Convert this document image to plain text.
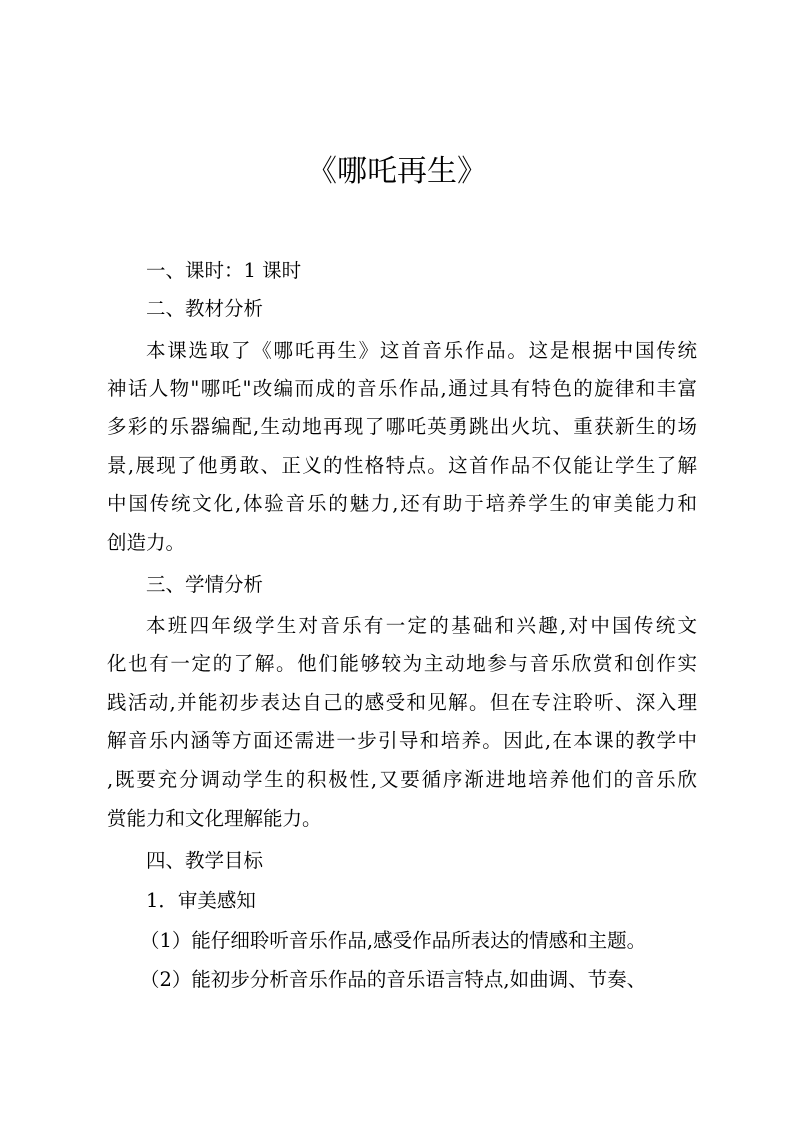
《哪吒再生》

一、课时：1 课时

二、教材分析

本课选取了《哪吒再生》这首音乐作品。这是根据中国传统

神话人物"哪吒"改编而成的音乐作品,通过具有特色的旋律和丰富

多彩的乐器编配,生动地再现了哪吒英勇跳出火坑、重获新生的场

景,展现了他勇敢、正义的性格特点。这首作品不仅能让学生了解

中国传统文化,体验音乐的魅力,还有助于培养学生的审美能力和

创造力。

三、学情分析

本班四年级学生对音乐有一定的基础和兴趣,对中国传统文

化也有一定的了解。他们能够较为主动地参与音乐欣赏和创作实

践活动,并能初步表达自己的感受和见解。但在专注聆听、深入理

解音乐内涵等方面还需进一步引导和培养。因此,在本课的教学中

,既要充分调动学生的积极性,又要循序渐进地培养他们的音乐欣

赏能力和文化理解能力。

四、教学目标

1．审美感知

（1）能仔细聆听音乐作品,感受作品所表达的情感和主题。

（2）能初步分析音乐作品的音乐语言特点,如曲调、节奏、
